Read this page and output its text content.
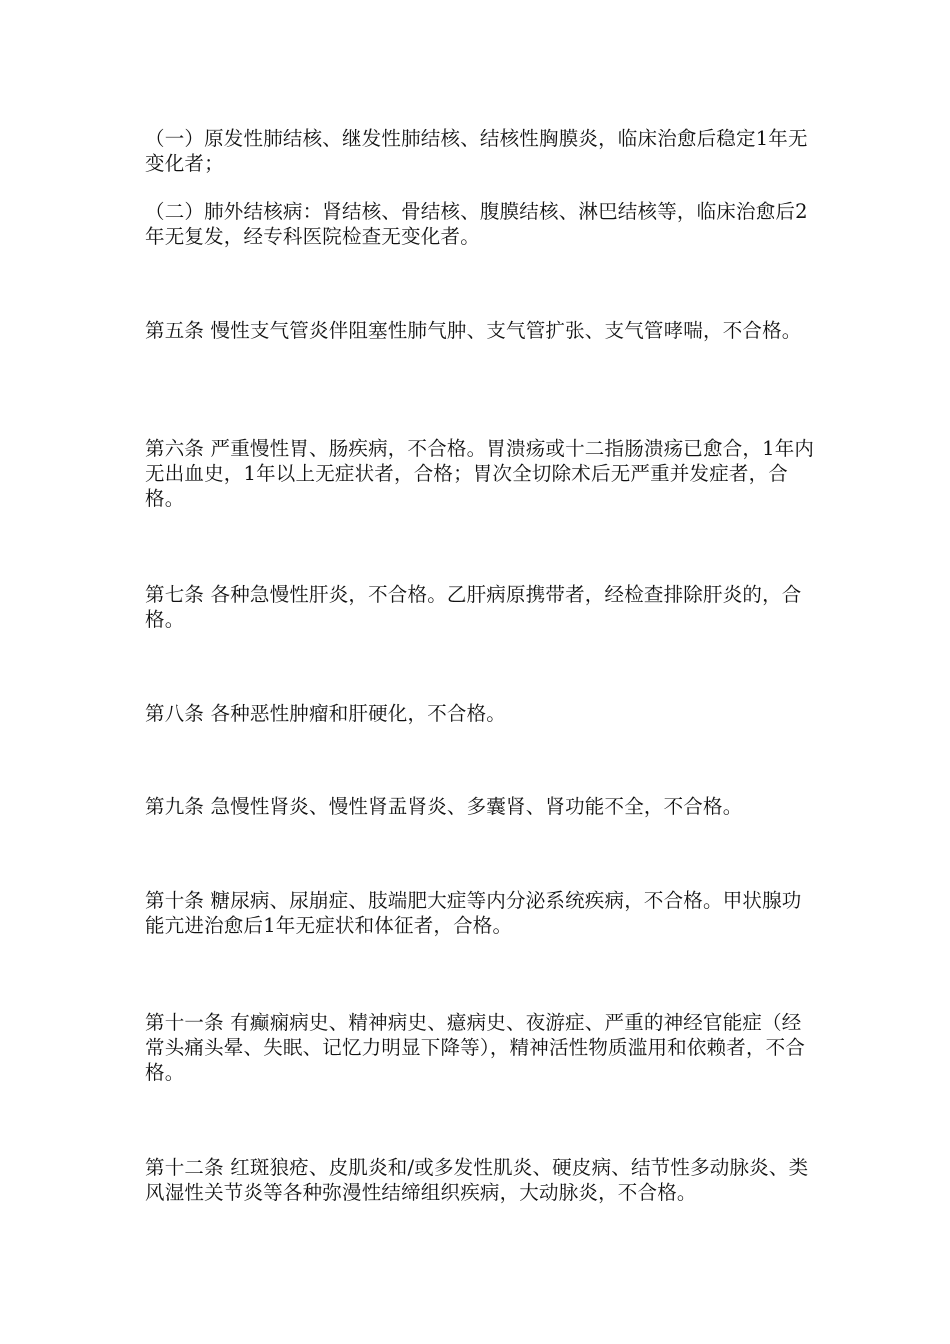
（一）原发性肺结核、继发性肺结核、结核性胸膜炎，临床治愈后稳定1年无变化者；

（二）肺外结核病：肾结核、骨结核、腹膜结核、淋巴结核等，临床治愈后2年无复发，经专科医院检查无变化者。

第五条 慢性支气管炎伴阻塞性肺气肿、支气管扩张、支气管哮喘，不合格。

第六条 严重慢性胃、肠疾病，不合格。胃溃疡或十二指肠溃疡已愈合，1年内无出血史，1年以上无症状者，合格；胃次全切除术后无严重并发症者，合格。

第七条 各种急慢性肝炎，不合格。乙肝病原携带者，经检查排除肝炎的，合格。

第八条 各种恶性肿瘤和肝硬化，不合格。

第九条 急慢性肾炎、慢性肾盂肾炎、多囊肾、肾功能不全，不合格。

第十条 糖尿病、尿崩症、肢端肥大症等内分泌系统疾病，不合格。甲状腺功能亢进治愈后1年无症状和体征者，合格。

第十一条 有癫痫病史、精神病史、癔病史、夜游症、严重的神经官能症（经常头痛头晕、失眠、记忆力明显下降等），精神活性物质滥用和依赖者，不合格。

第十二条 红斑狼疮、皮肌炎和/或多发性肌炎、硬皮病、结节性多动脉炎、类风湿性关节炎等各种弥漫性结缔组织疾病，大动脉炎，不合格。
